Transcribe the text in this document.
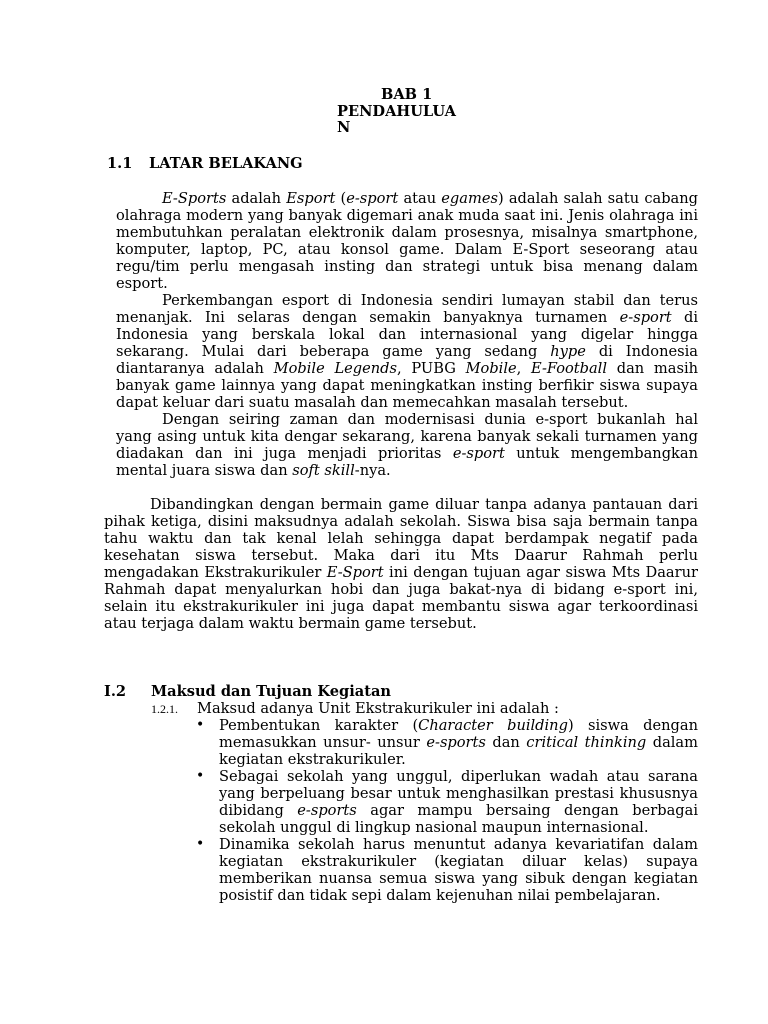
BAB 1
PENDAHULUAN
1.1 LATAR BELAKANG

E-Sports adalah Esport (e-sport atau egames) adalah salah satu cabang olahraga modern yang banyak digemari anak muda saat ini. Jenis olahraga ini membutuhkan peralatan elektronik dalam prosesnya, misalnya smartphone, komputer, laptop, PC, atau konsol game. Dalam E-Sport seseorang atau regu/tim perlu mengasah insting dan strategi untuk bisa menang dalam esport.

Perkembangan esport di Indonesia sendiri lumayan stabil dan terus menanjak. Ini selaras dengan semakin banyaknya turnamen e-sport di Indonesia yang berskala lokal dan internasional yang digelar hingga sekarang. Mulai dari beberapa game yang sedang hype di Indonesia diantaranya adalah Mobile Legends, PUBG Mobile, E-Football dan masih banyak game lainnya yang dapat meningkatkan insting berfikir siswa supaya dapat keluar dari suatu masalah dan memecahkan masalah tersebut.

Dengan seiring zaman dan modernisasi dunia e-sport bukanlah hal yang asing untuk kita dengar sekarang, karena banyak sekali turnamen yang diadakan dan ini juga menjadi prioritas e-sport untuk mengembangkan mental juara siswa dan soft skill-nya.

Dibandingkan dengan bermain game diluar tanpa adanya pantauan dari pihak ketiga, disini maksudnya adalah sekolah. Siswa bisa saja bermain tanpa tahu waktu dan tak kenal lelah sehingga dapat berdampak negatif pada kesehatan siswa tersebut. Maka dari itu Mts Daarur Rahmah perlu mengadakan Ekstrakurikuler E-Sport ini dengan tujuan agar siswa Mts Daarur Rahmah dapat menyalurkan hobi dan juga bakat-nya di bidang e-sport ini, selain itu ekstrakurikuler ini juga dapat membantu siswa agar terkoordinasi atau terjaga dalam waktu bermain game tersebut.

I.2 Maksud dan Tujuan Kegiatan
1.2.1. Maksud adanya Unit Ekstrakurikuler ini adalah :
• Pembentukan karakter (Character building) siswa dengan memasukkan unsur- unsur e-sports dan critical thinking dalam kegiatan ekstrakurikuler.
• Sebagai sekolah yang unggul, diperlukan wadah atau sarana yang berpeluang besar untuk menghasilkan prestasi khususnya dibidang e-sports agar mampu bersaing dengan berbagai sekolah unggul di lingkup nasional maupun internasional.
• Dinamika sekolah harus menuntut adanya kevariatifan dalam kegiatan ekstrakurikuler (kegiatan diluar kelas) supaya memberikan nuansa semua siswa yang sibuk dengan kegiatan posistif dan tidak sepi dalam kejenuhan nilai pembelajaran.
